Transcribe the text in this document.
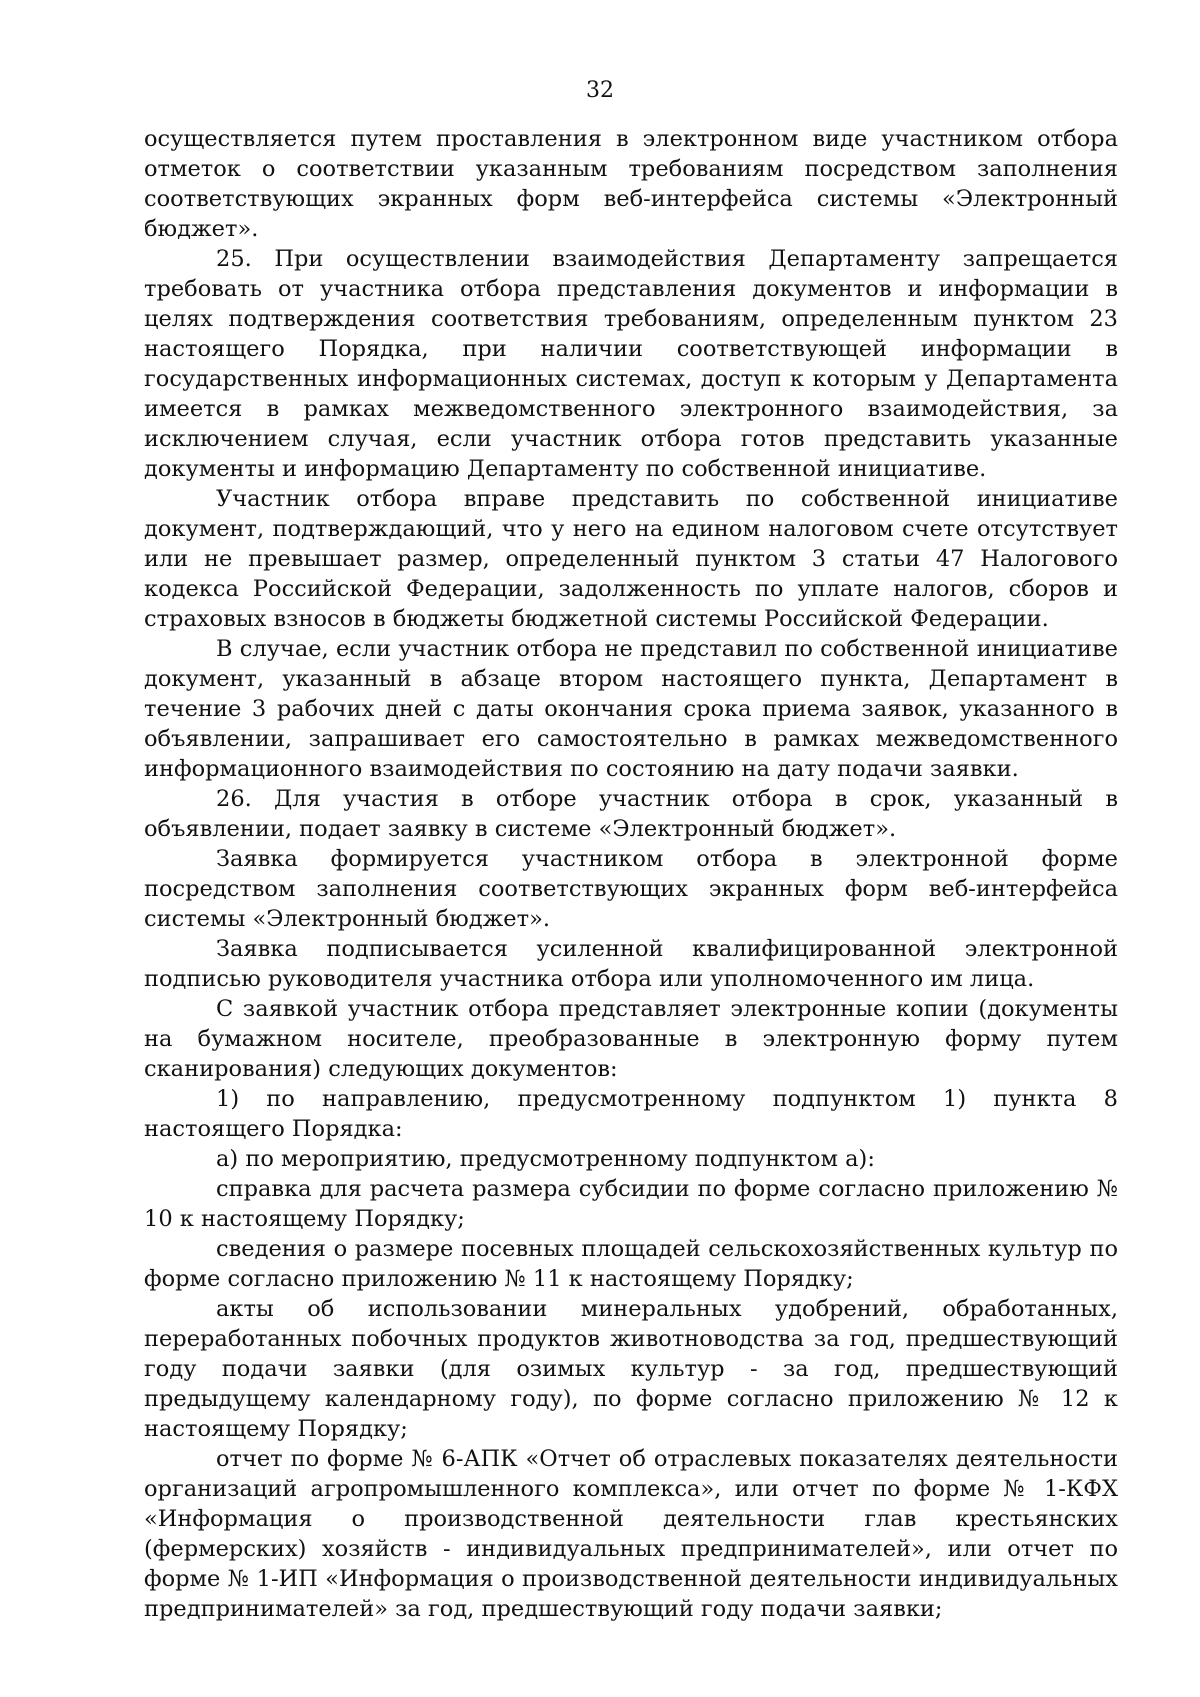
32

осуществляется путем проставления в электронном виде участником отбора отметок о соответствии указанным требованиям посредством заполнения соответствующих экранных форм веб-интерфейса системы «Электронный бюджет».

25. При осуществлении взаимодействия Департаменту запрещается требовать от участника отбора представления документов и информации в целях подтверждения соответствия требованиям, определенным пунктом 23 настоящего Порядка, при наличии соответствующей информации в государственных информационных системах, доступ к которым у Департамента имеется в рамках межведомственного электронного взаимодействия, за исключением случая, если участник отбора готов представить указанные документы и информацию Департаменту по собственной инициативе.

Участник отбора вправе представить по собственной инициативе документ, подтверждающий, что у него на едином налоговом счете отсутствует или не превышает размер, определенный пунктом 3 статьи 47 Налогового кодекса Российской Федерации, задолженность по уплате налогов, сборов и страховых взносов в бюджеты бюджетной системы Российской Федерации.

В случае, если участник отбора не представил по собственной инициативе документ, указанный в абзаце втором настоящего пункта, Департамент в течение 3 рабочих дней с даты окончания срока приема заявок, указанного в объявлении, запрашивает его самостоятельно в рамках межведомственного информационного взаимодействия по состоянию на дату подачи заявки.

26. Для участия в отборе участник отбора в срок, указанный в объявлении, подает заявку в системе «Электронный бюджет».

Заявка формируется участником отбора в электронной форме посредством заполнения соответствующих экранных форм веб-интерфейса системы «Электронный бюджет».

Заявка подписывается усиленной квалифицированной электронной подписью руководителя участника отбора или уполномоченного им лица.

С заявкой участник отбора представляет электронные копии (документы на бумажном носителе, преобразованные в электронную форму путем сканирования) следующих документов:

1) по направлению, предусмотренному подпунктом 1) пункта 8 настоящего Порядка:

а) по мероприятию, предусмотренному подпунктом а):

справка для расчета размера субсидии по форме согласно приложению № 10 к настоящему Порядку;

сведения о размере посевных площадей сельскохозяйственных культур по форме согласно приложению № 11 к настоящему Порядку;

акты об использовании минеральных удобрений, обработанных, переработанных побочных продуктов животноводства за год, предшествующий году подачи заявки (для озимых культур - за год, предшествующий предыдущему календарному году), по форме согласно приложению № 12 к настоящему Порядку;

отчет по форме № 6-АПК «Отчет об отраслевых показателях деятельности организаций агропромышленного комплекса», или отчет по форме № 1-КФХ «Информация о производственной деятельности глав крестьянских (фермерских) хозяйств - индивидуальных предпринимателей», или отчет по форме № 1-ИП «Информация о производственной деятельности индивидуальных предпринимателей» за год, предшествующий году подачи заявки;
